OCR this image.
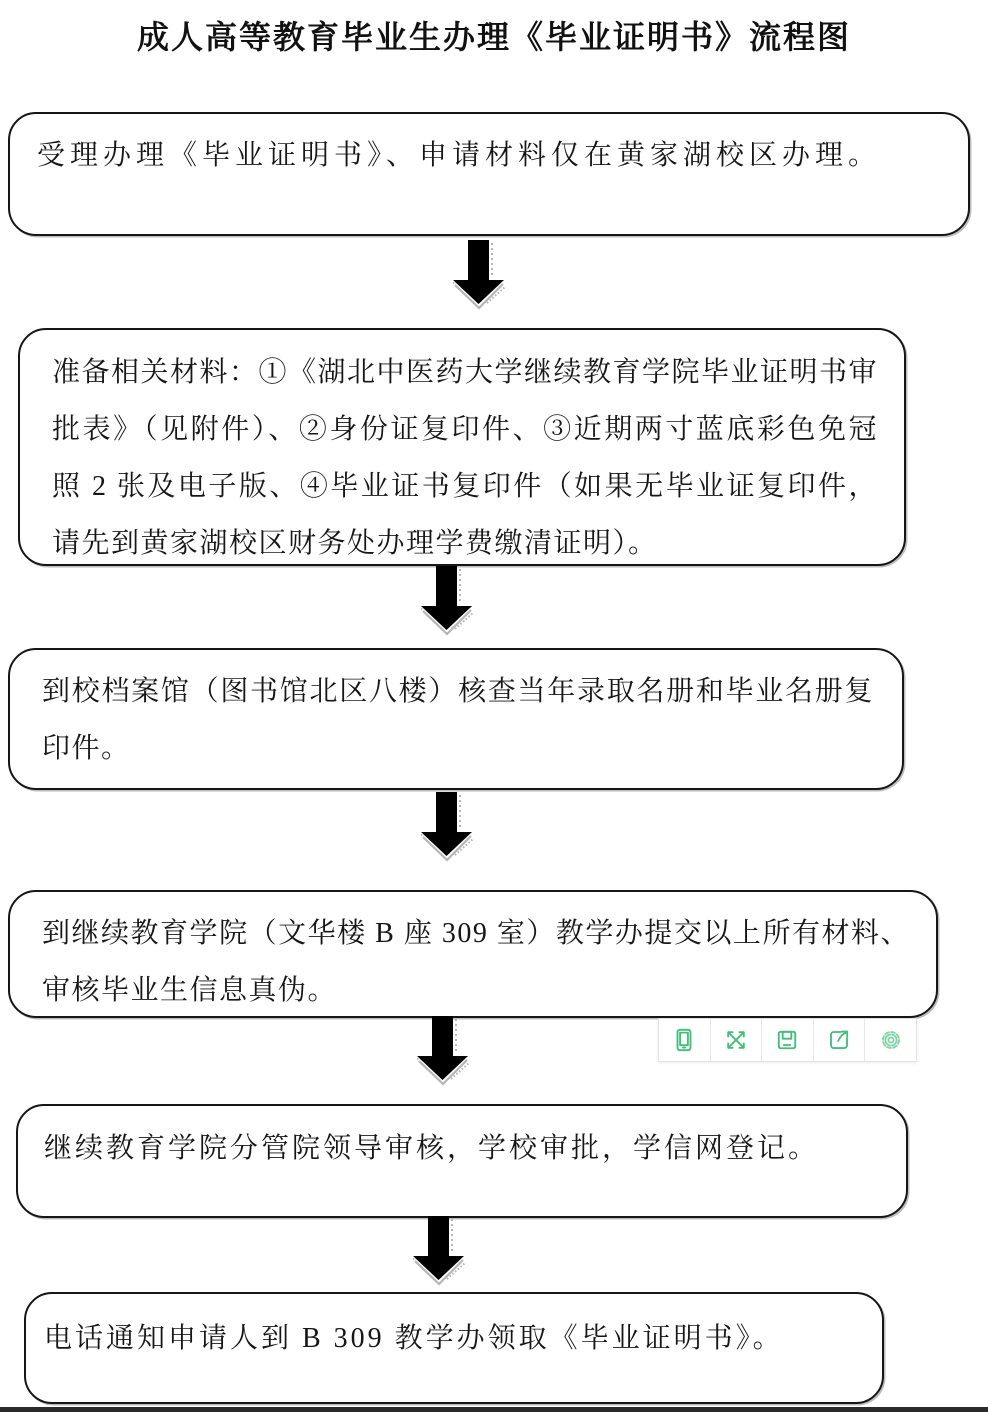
成人高等教育毕业生办理《毕业证明书》流程图
受理办理《毕业证明书》、申请材料仅在黄家湖校区办理。
准备相关材料：①《湖北中医药大学继续教育学院毕业证明书审批表》（见附件）、②身份证复印件、③近期两寸蓝底彩色免冠照 2 张及电子版、④毕业证书复印件（如果无毕业证复印件，请先到黄家湖校区财务处办理学费缴清证明）。
到校档案馆（图书馆北区八楼）核查当年录取名册和毕业名册复印件。
到继续教育学院（文华楼 B 座 309 室）教学办提交以上所有材料、审核毕业生信息真伪。
继续教育学院分管院领导审核，学校审批，学信网登记。
电话通知申请人到 B 309 教学办领取《毕业证明书》。
